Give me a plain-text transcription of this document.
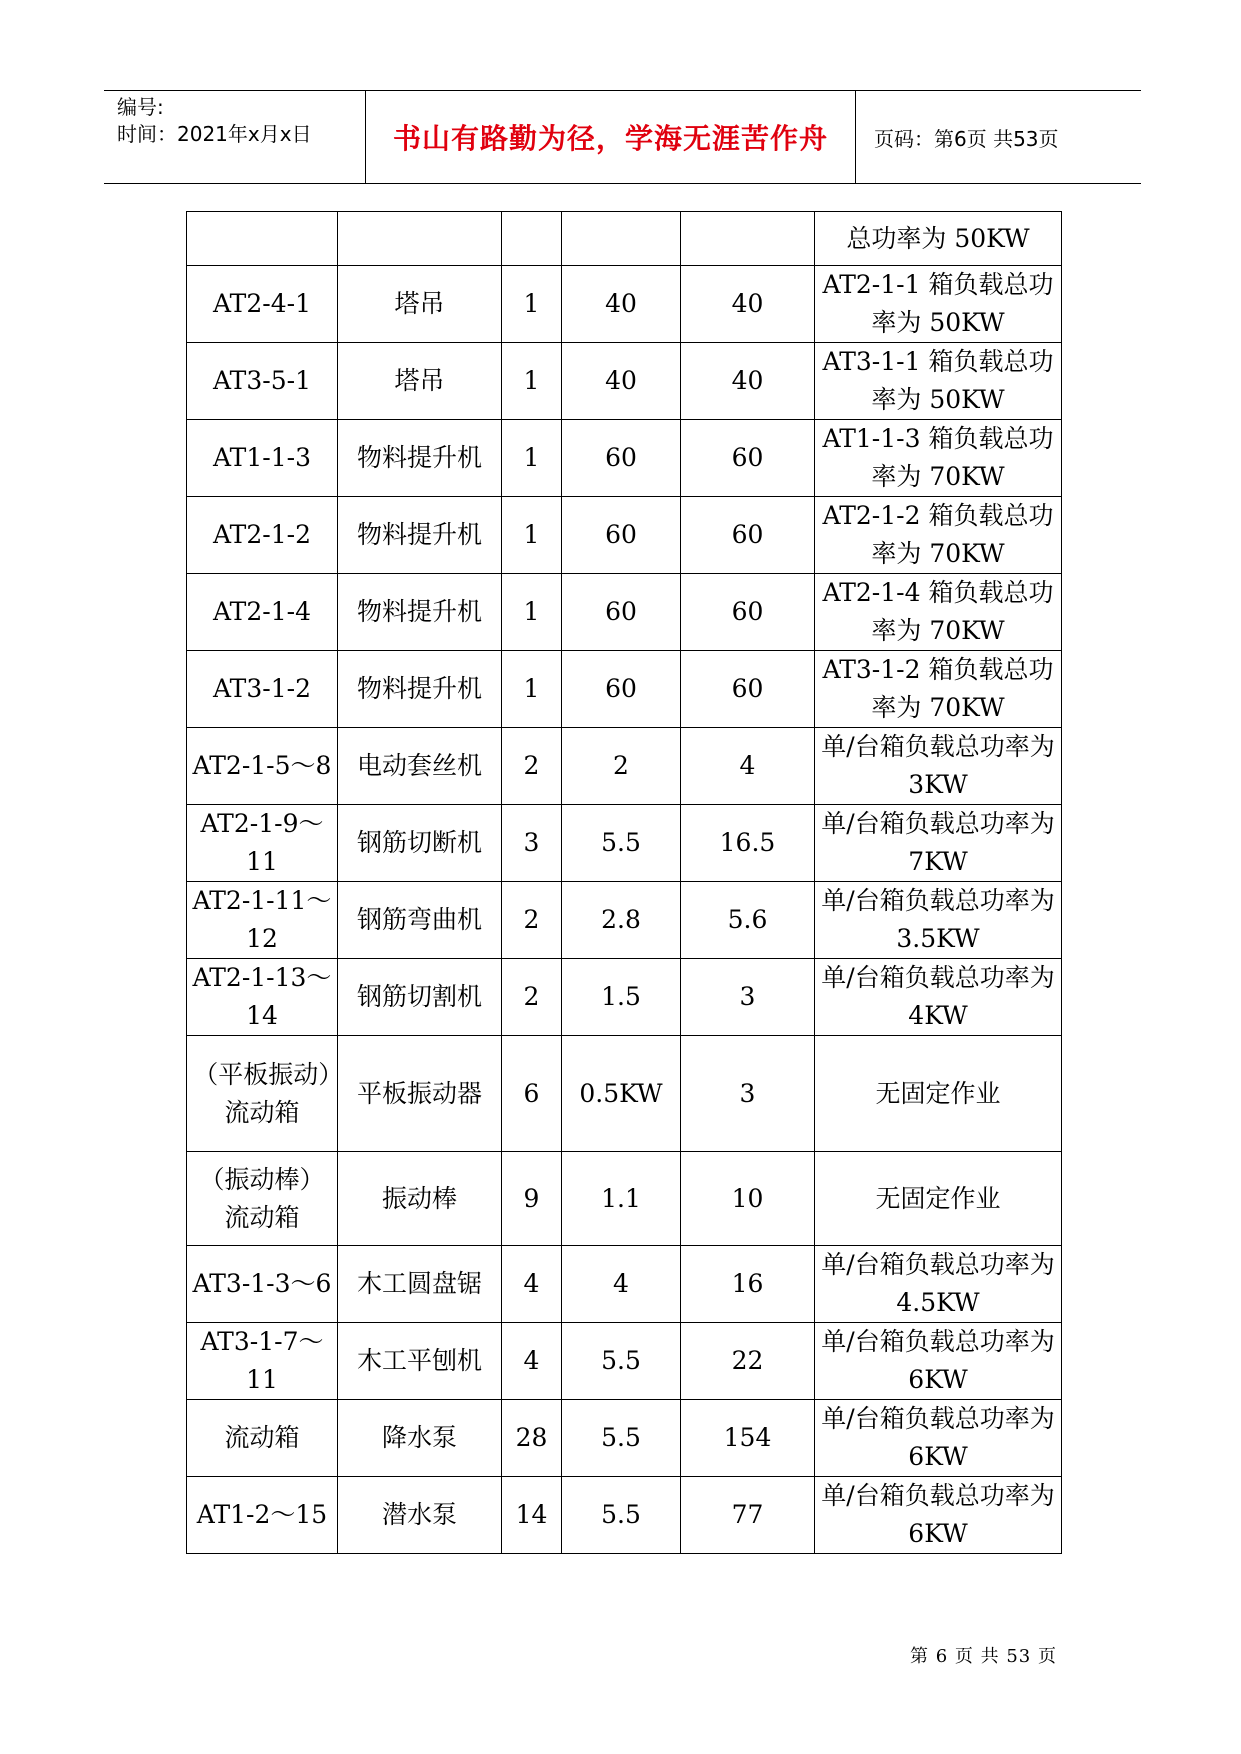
编号:
时间：2021年x月x日	书山有路勤为径，学海无涯苦作舟	页码：第6页 共53页
					总功率为 50KW
AT2-4-1	塔吊	1	40	40	AT2-1-1 箱负载总功率为 50KW
AT3-5-1	塔吊	1	40	40	AT3-1-1 箱负载总功率为 50KW
AT1-1-3	物料提升机	1	60	60	AT1-1-3 箱负载总功率为 70KW
AT2-1-2	物料提升机	1	60	60	AT2-1-2 箱负载总功率为 70KW
AT2-1-4	物料提升机	1	60	60	AT2-1-4 箱负载总功率为 70KW
AT3-1-2	物料提升机	1	60	60	AT3-1-2 箱负载总功率为 70KW
AT2-1-5～8	电动套丝机	2	2	4	单/台箱负载总功率为 3KW
AT2-1-9～11	钢筋切断机	3	5.5	16.5	单/台箱负载总功率为 7KW
AT2-1-11～12	钢筋弯曲机	2	2.8	5.6	单/台箱负载总功率为 3.5KW
AT2-1-13～14	钢筋切割机	2	1.5	3	单/台箱负载总功率为 4KW
（平板振动）流动箱	平板振动器	6	0.5KW	3	无固定作业
（振动棒）流动箱	振动棒	9	1.1	10	无固定作业
AT3-1-3～6	木工圆盘锯	4	4	16	单/台箱负载总功率为 4.5KW
AT3-1-7～11	木工平刨机	4	5.5	22	单/台箱负载总功率为 6KW
流动箱	降水泵	28	5.5	154	单/台箱负载总功率为 6KW
AT1-2～15	潜水泵	14	5.5	77	单/台箱负载总功率为 6KW
第 6 页 共 53 页
